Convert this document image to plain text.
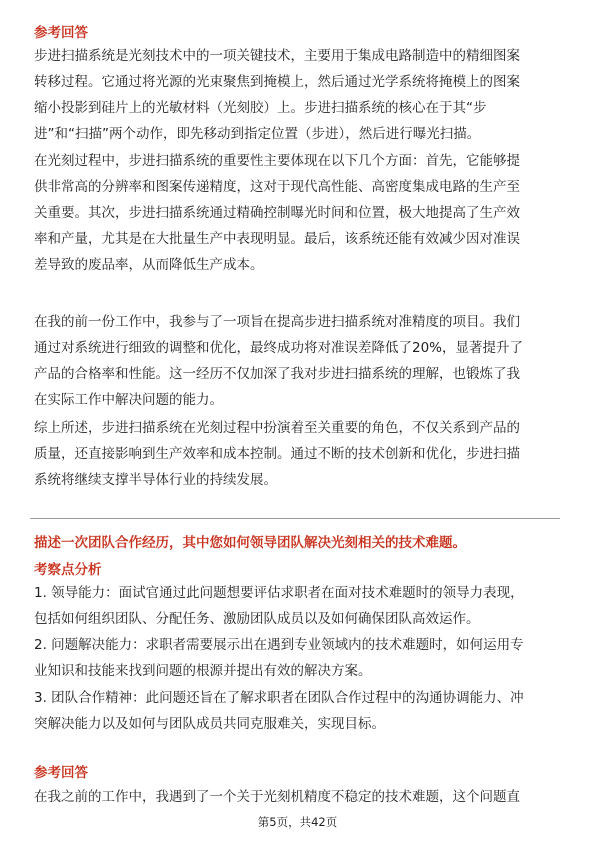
参考回答
步进扫描系统是光刻技术中的一项关键技术，主要用于集成电路制造中的精细图案
转移过程。它通过将光源的光束聚焦到掩模上，然后通过光学系统将掩模上的图案
缩小投影到硅片上的光敏材料（光刻胶）上。步进扫描系统的核心在于其“步
进”和“扫描”两个动作，即先移动到指定位置（步进），然后进行曝光扫描。
在光刻过程中，步进扫描系统的重要性主要体现在以下几个方面：首先，它能够提
供非常高的分辨率和图案传递精度，这对于现代高性能、高密度集成电路的生产至
关重要。其次，步进扫描系统通过精确控制曝光时间和位置，极大地提高了生产效
率和产量，尤其是在大批量生产中表现明显。最后，该系统还能有效减少因对准误
差导致的废品率，从而降低生产成本。
在我的前一份工作中，我参与了一项旨在提高步进扫描系统对准精度的项目。我们
通过对系统进行细致的调整和优化，最终成功将对准误差降低了20%，显著提升了
产品的合格率和性能。这一经历不仅加深了我对步进扫描系统的理解，也锻炼了我
在实际工作中解决问题的能力。
综上所述，步进扫描系统在光刻过程中扮演着至关重要的角色，不仅关系到产品的
质量，还直接影响到生产效率和成本控制。通过不断的技术创新和优化，步进扫描
系统将继续支撑半导体行业的持续发展。
描述一次团队合作经历，其中您如何领导团队解决光刻相关的技术难题。
考察点分析
1. 领导能力：面试官通过此问题想要评估求职者在面对技术难题时的领导力表现，
包括如何组织团队、分配任务、激励团队成员以及如何确保团队高效运作。
2. 问题解决能力：求职者需要展示出在遇到专业领域内的技术难题时，如何运用专
业知识和技能来找到问题的根源并提出有效的解决方案。
3. 团队合作精神：此问题还旨在了解求职者在团队合作过程中的沟通协调能力、冲
突解决能力以及如何与团队成员共同克服难关，实现目标。
参考回答
在我之前的工作中，我遇到了一个关于光刻机精度不稳定的技术难题，这个问题直
第5页，共42页
